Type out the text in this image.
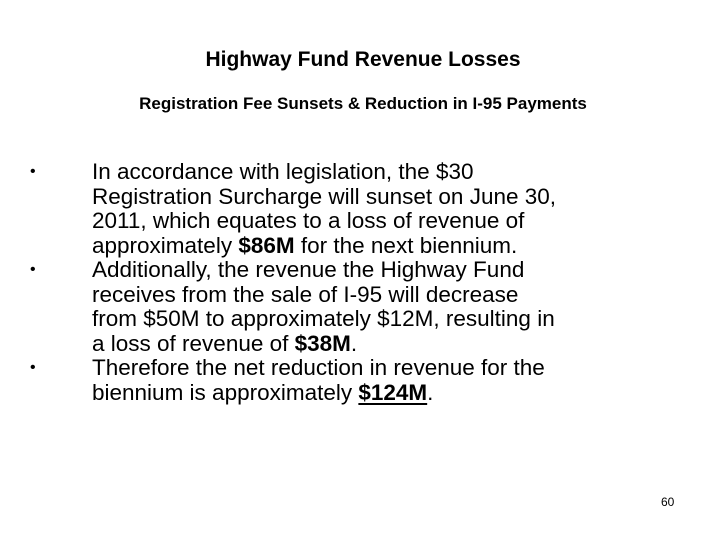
Highway Fund Revenue Losses
Registration Fee Sunsets & Reduction in I-95 Payments
•	In accordance with legislation, the $30
Registration Surcharge will sunset on June 30,
2011, which equates to a loss of revenue of
approximately $86M for the next biennium.
•	Additionally, the revenue the Highway Fund
receives from the sale of I-95 will decrease
from $50M to approximately $12M, resulting in
a loss of revenue of $38M.
•	Therefore the net reduction in revenue for the
biennium is approximately $124M.
60
